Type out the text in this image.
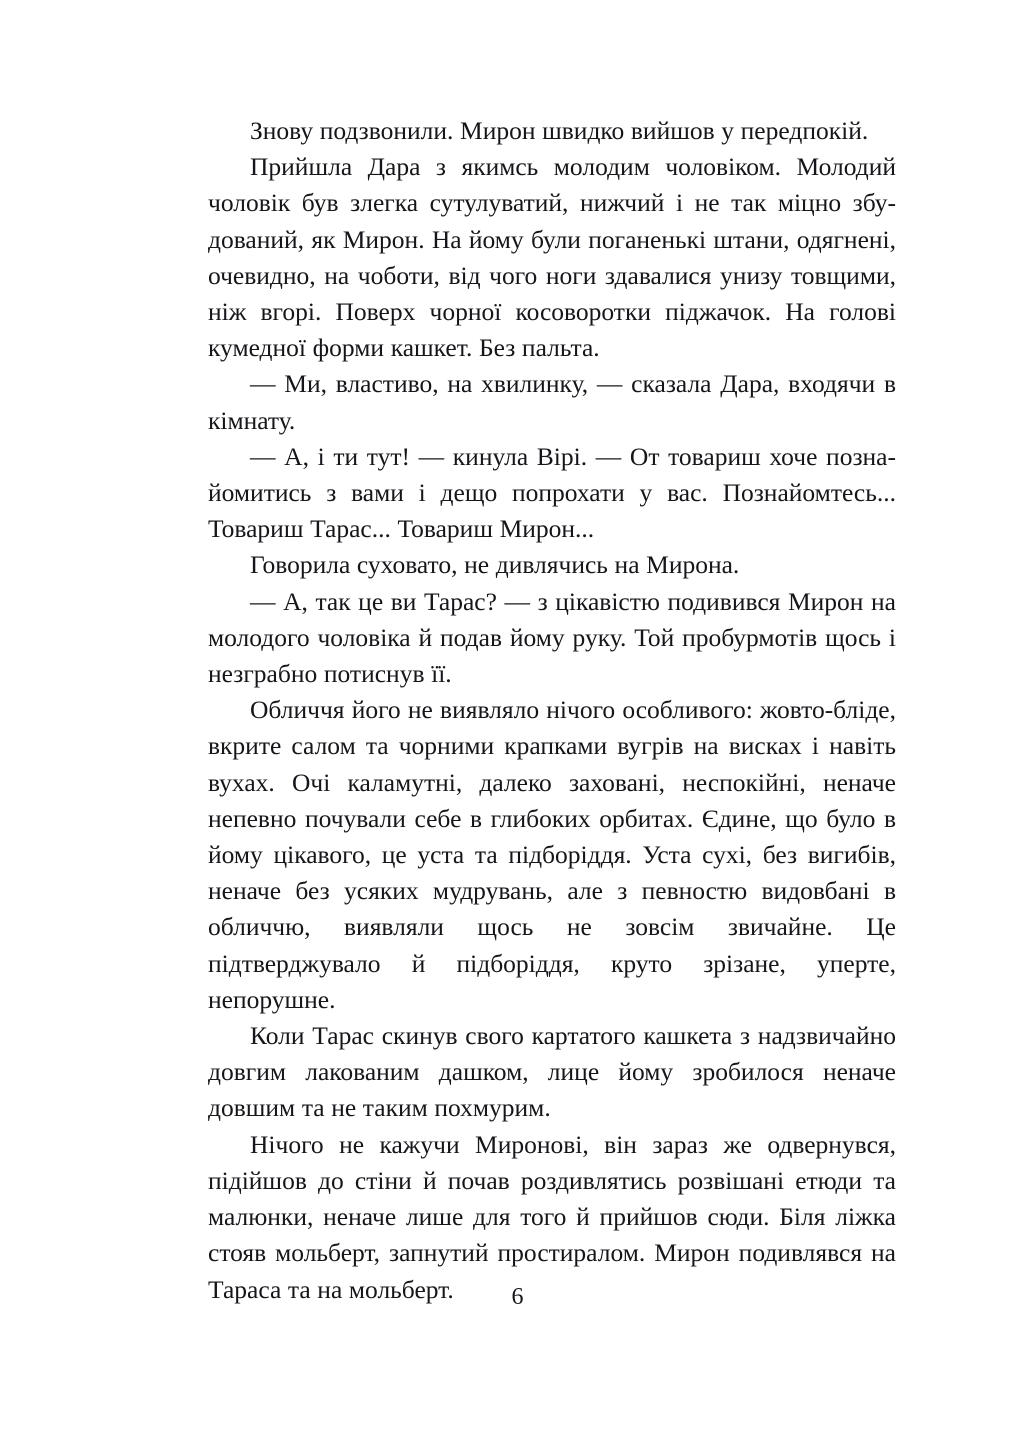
Знову подзвонили. Мирон швидко вийшов у передпокій.

Прийшла Дара з якимсь молодим чоловіком. Молодий чоловік був злегка сутулуватий, нижчий і не так міцно збудований, як Мирон. На йому були поганенькі штани, одягнені, очевидно, на чоботи, від чого ноги здавалися унизу товщими, ніж вгорі. Поверх чорної косоворотки піджачок. На голові кумедної форми кашкет. Без пальта.

— Ми, властиво, на хвилинку, — сказала Дара, входячи в кімнату.

— А, і ти тут! — кинула Вірі. — От товариш хоче познайомитись з вами і дещо попрохати у вас. Познайомтесь... Товариш Тарас... Товариш Мирон...

Говорила суховато, не дивлячись на Мирона.

— А, так це ви Тарас? — з цікавістю подивився Мирон на молодого чоловіка й подав йому руку. Той пробурмотів щось і незграбно потиснув її.

Обличчя його не виявляло нічого особливого: жовто-бліде, вкрите салом та чорними крапками вугрів на висках і навіть вухах. Очі каламутні, далеко заховані, неспокійні, неначе непевно почували себе в глибоких орбитах. Єдине, що було в йому цікавого, це уста та підборіддя. Уста сухі, без вигибів, неначе без усяких мудрувань, але з певностю видовбані в обличчю, виявляли щось не зовсім звичайне. Це підтверджувало й підборіддя, круто зрізане, уперте, непорушне.

Коли Тарас скинув свого картатого кашкета з надзвичайно довгим лакованим дашком, лице йому зробилося неначе довшим та не таким похмурим.

Нічого не кажучи Миронові, він зараз же одвернувся, підійшов до стіни й почав роздивлятись розвішані етюди та малюнки, неначе лише для того й прийшов сюди. Біля ліжка стояв мольберт, запнутий простиралом. Мирон подивлявся на Тараса та на мольберт.	6
